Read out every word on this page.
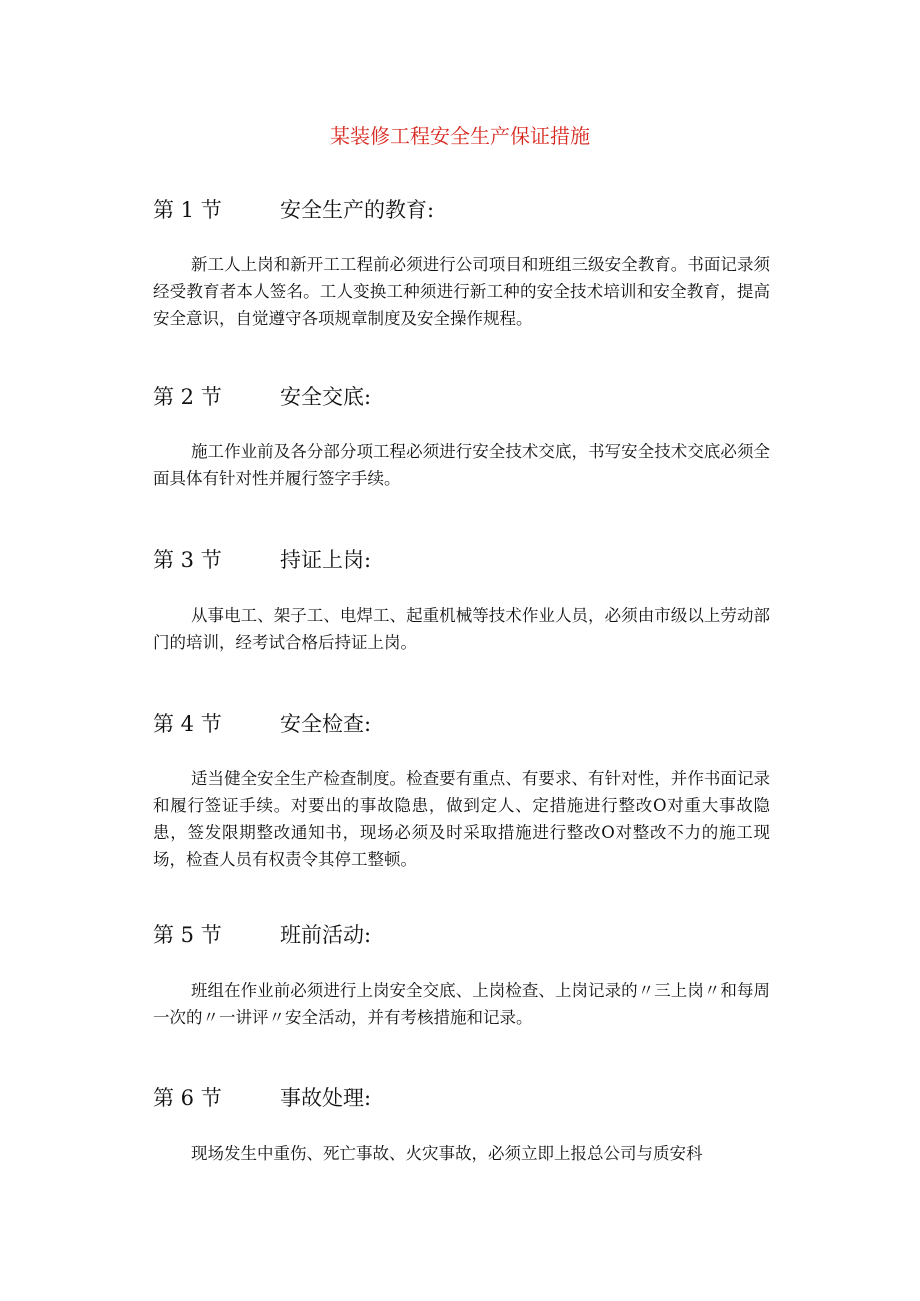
某装修工程安全生产保证措施
第 1 节	安全生产的教育:

新工人上岗和新开工工程前必须进行公司项目和班组三级安全教育。书面记录须经受教育者本人签名。工人变换工种须进行新工种的安全技术培训和安全教育，提高安全意识，自觉遵守各项规章制度及安全操作规程。

第 2 节	安全交底:

施工作业前及各分部分项工程必须进行安全技术交底，书写安全技术交底必须全面具体有针对性并履行签字手续。

第 3 节	持证上岗:

从事电工、架子工、电焊工、起重机械等技术作业人员，必须由市级以上劳动部门的培训，经考试合格后持证上岗。

第 4 节	安全检查:

适当健全安全生产检查制度。检查要有重点、有要求、有针对性，并作书面记录和履行签证手续。对要出的事故隐患，做到定人、定措施进行整改O对重大事故隐患，签发限期整改通知书，现场必须及时采取措施进行整改O对整改不力的施工现场，检查人员有权责令其停工整顿。

第 5 节	班前活动:

班组在作业前必须进行上岗安全交底、上岗检查、上岗记录的〃三上岗〃和每周一次的〃一讲评〃安全活动，并有考核措施和记录。

第 6 节	事故处理:

现场发生中重伤、死亡事故、火灾事故，必须立即上报总公司与质安科
